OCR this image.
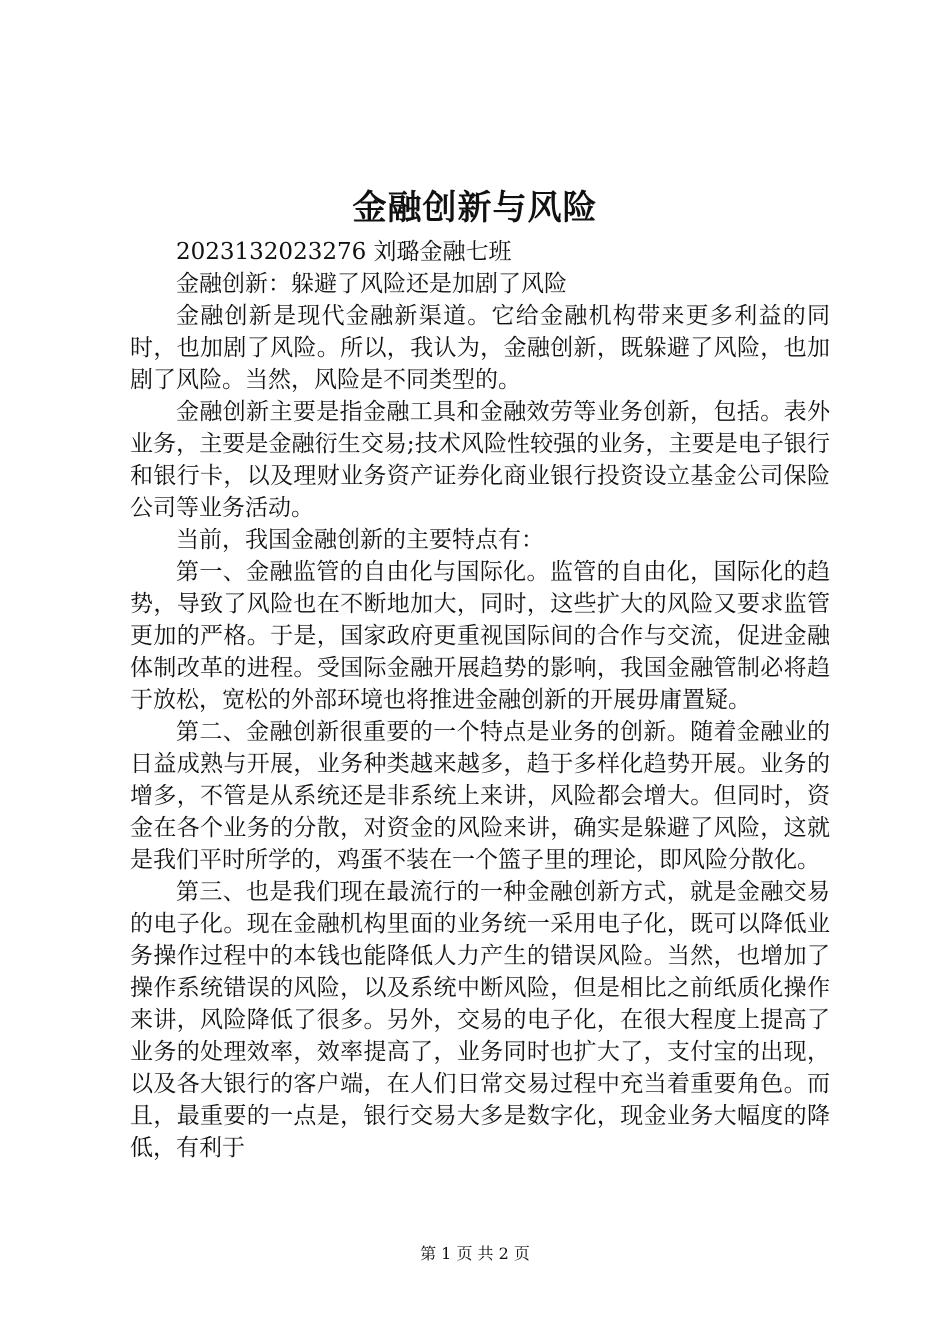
金融创新与风险

2023132023276 刘璐金融七班

金融创新：躲避了风险还是加剧了风险

金融创新是现代金融新渠道。它给金融机构带来更多利益的同时，也加剧了风险。所以，我认为，金融创新，既躲避了风险，也加剧了风险。当然，风险是不同类型的。

金融创新主要是指金融工具和金融效劳等业务创新，包括。表外业务，主要是金融衍生交易;技术风险性较强的业务，主要是电子银行和银行卡，以及理财业务资产证券化商业银行投资设立基金公司保险公司等业务活动。

当前，我国金融创新的主要特点有：

第一、金融监管的自由化与国际化。监管的自由化，国际化的趋势，导致了风险也在不断地加大，同时，这些扩大的风险又要求监管更加的严格。于是，国家政府更重视国际间的合作与交流，促进金融体制改革的进程。受国际金融开展趋势的影响，我国金融管制必将趋于放松，宽松的外部环境也将推进金融创新的开展毋庸置疑。

第二、金融创新很重要的一个特点是业务的创新。随着金融业的日益成熟与开展，业务种类越来越多，趋于多样化趋势开展。业务的增多，不管是从系统还是非系统上来讲，风险都会增大。但同时，资金在各个业务的分散，对资金的风险来讲，确实是躲避了风险，这就是我们平时所学的，鸡蛋不装在一个篮子里的理论，即风险分散化。

第三、也是我们现在最流行的一种金融创新方式，就是金融交易的电子化。现在金融机构里面的业务统一采用电子化，既可以降低业务操作过程中的本钱也能降低人力产生的错误风险。当然，也增加了操作系统错误的风险，以及系统中断风险，但是相比之前纸质化操作来讲，风险降低了很多。另外，交易的电子化，在很大程度上提高了业务的处理效率，效率提高了，业务同时也扩大了，支付宝的出现，以及各大银行的客户端，在人们日常交易过程中充当着重要角色。而且，最重要的一点是，银行交易大多是数字化，现金业务大幅度的降低，有利于

第 1 页 共 2 页
